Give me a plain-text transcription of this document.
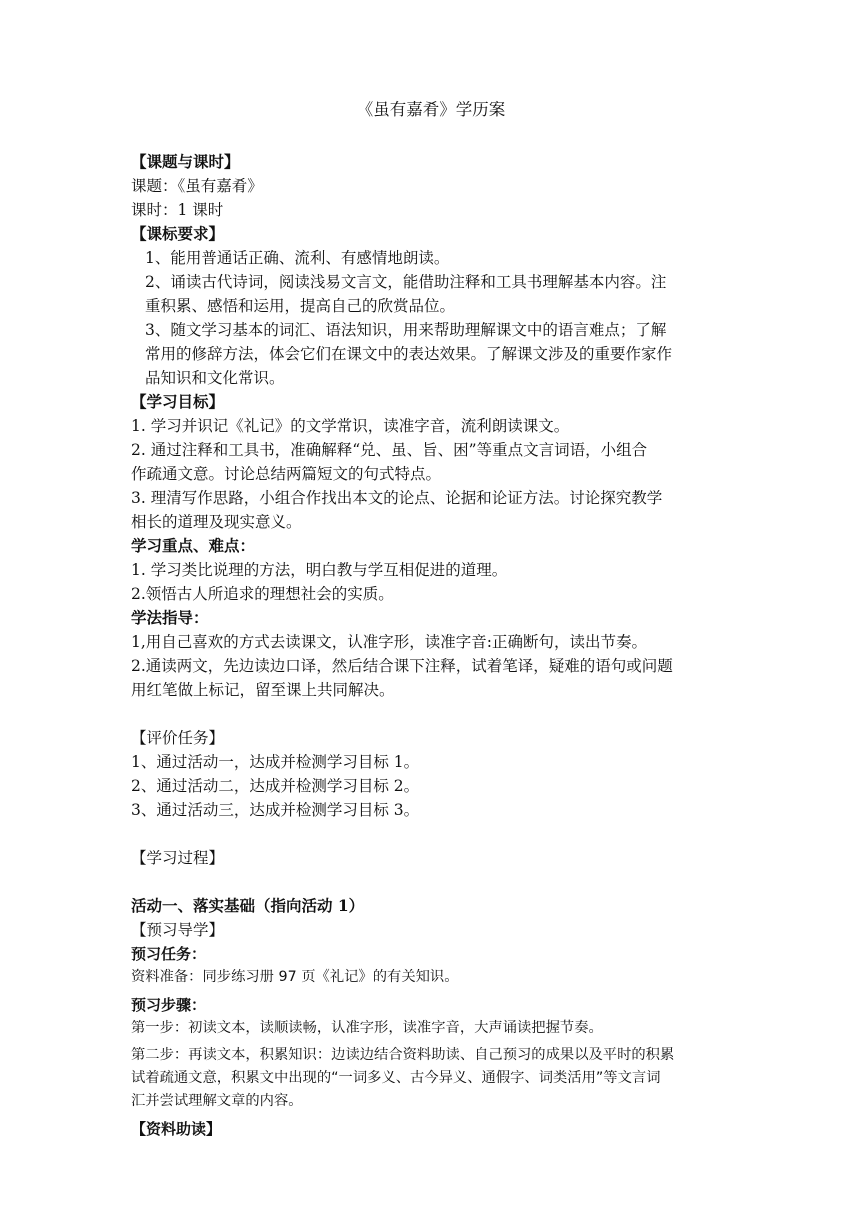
《虽有嘉肴》学历案

【课题与课时】

课题：《虽有嘉肴》

课时：1 课时

【课标要求】

1、能用普通话正确、流利、有感情地朗读。

2、诵读古代诗词，阅读浅易文言文，能借助注释和工具书理解基本内容。注

重积累、感悟和运用，提高自己的欣赏品位。

3、随文学习基本的词汇、语法知识，用来帮助理解课文中的语言难点；了解

常用的修辞方法，体会它们在课文中的表达效果。了解课文涉及的重要作家作

品知识和文化常识。

【学习目标】

1. 学习并识记《礼记》的文学常识，读准字音，流利朗读课文。

2. 通过注释和工具书，准确解释“兑、虽、旨、困”等重点文言词语，小组合

作疏通文意。讨论总结两篇短文的句式特点。

3. 理清写作思路，小组合作找出本文的论点、论据和论证方法。讨论探究教学

相长的道理及现实意义。

学习重点、难点：

1. 学习类比说理的方法，明白教与学互相促进的道理。

2.领悟古人所追求的理想社会的实质。

学法指导：

1,用自己喜欢的方式去读课文，认准字形，读准字音:正确断句，读出节奏。

2.通读两文，先边读边口译，然后结合课下注释，试着笔译，疑难的语句或问题

用红笔做上标记，留至课上共同解决。

【评价任务】

1、通过活动一，达成并检测学习目标 1。

2、通过活动二，达成并检测学习目标 2。

3、通过活动三，达成并检测学习目标 3。

【学习过程】

活动一、落实基础（指向活动 1）

【预习导学】

预习任务：

资料准备：同步练习册 97 页《礼记》的有关知识。

预习步骤：

第一步：初读文本，读顺读畅，认准字形，读准字音，大声诵读把握节奏。

第二步：再读文本，积累知识：边读边结合资料助读、自己预习的成果以及平时的积累

试着疏通文意，积累文中出现的“一词多义、古今异义、通假字、词类活用”等文言词

汇并尝试理解文章的内容。

【资料助读】
